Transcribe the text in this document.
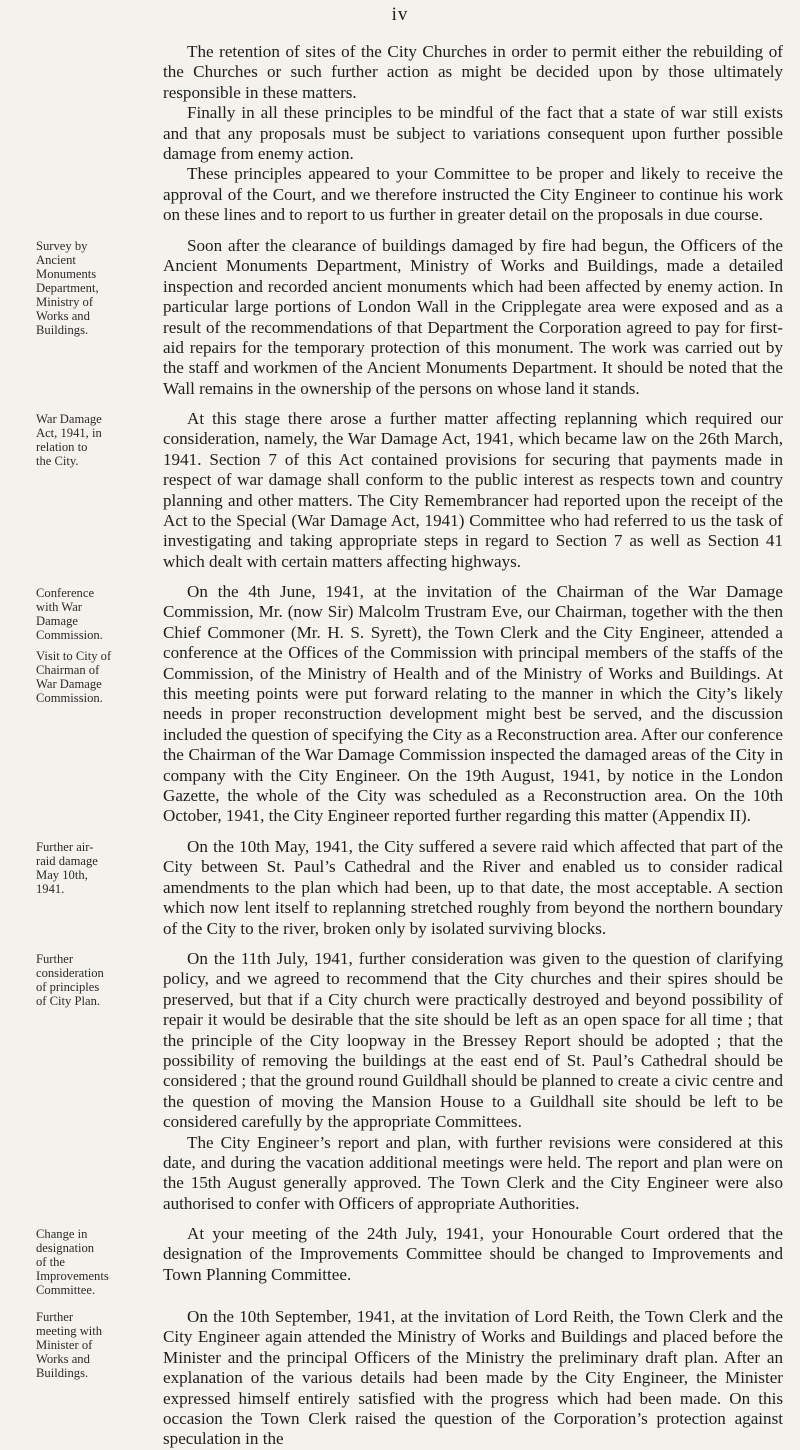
iv

The retention of sites of the City Churches in order to permit either the rebuilding of the Churches or such further action as might be decided upon by those ultimately responsible in these matters.

Finally in all these principles to be mindful of the fact that a state of war still exists and that any proposals must be subject to variations consequent upon further possible damage from enemy action.

These principles appeared to your Committee to be proper and likely to receive the approval of the Court, and we therefore instructed the City Engineer to continue his work on these lines and to report to us further in greater detail on the proposals in due course.

Survey by
Ancient
Monuments
Department,
Ministry of
Works and
Buildings.

Soon after the clearance of buildings damaged by fire had begun, the Officers of the Ancient Monuments Department, Ministry of Works and Buildings, made a detailed inspection and recorded ancient monuments which had been affected by enemy action. In particular large portions of London Wall in the Cripplegate area were exposed and as a result of the recommendations of that Department the Corporation agreed to pay for first-aid repairs for the temporary protection of this monument. The work was carried out by the staff and workmen of the Ancient Monuments Department. It should be noted that the Wall remains in the ownership of the persons on whose land it stands.

War Damage
Act, 1941, in
relation to
the City.

At this stage there arose a further matter affecting replanning which required our consideration, namely, the War Damage Act, 1941, which became law on the 26th March, 1941. Section 7 of this Act contained provisions for securing that payments made in respect of war damage shall conform to the public interest as respects town and country planning and other matters. The City Remembrancer had reported upon the receipt of the Act to the Special (War Damage Act, 1941) Committee who had referred to us the task of investigating and taking appropriate steps in regard to Section 7 as well as Section 41 which dealt with certain matters affecting highways.

Conference
with War
Damage
Commission.
Visit to City of
Chairman of
War Damage
Commission.

On the 4th June, 1941, at the invitation of the Chairman of the War Damage Commission, Mr. (now Sir) Malcolm Trustram Eve, our Chairman, together with the then Chief Commoner (Mr. H. S. Syrett), the Town Clerk and the City Engineer, attended a conference at the Offices of the Commission with principal members of the staffs of the Commission, of the Ministry of Health and of the Ministry of Works and Buildings. At this meeting points were put forward relating to the manner in which the City’s likely needs in proper reconstruction development might best be served, and the discussion included the question of specifying the City as a Reconstruction area. After our conference the Chairman of the War Damage Commission inspected the damaged areas of the City in company with the City Engineer. On the 19th August, 1941, by notice in the London Gazette, the whole of the City was scheduled as a Reconstruction area. On the 10th October, 1941, the City Engineer reported further regarding this matter (Appendix II).

Further air-
raid damage
May 10th,
1941.

On the 10th May, 1941, the City suffered a severe raid which affected that part of the City between St. Paul’s Cathedral and the River and enabled us to consider radical amendments to the plan which had been, up to that date, the most acceptable. A section which now lent itself to replanning stretched roughly from beyond the northern boundary of the City to the river, broken only by isolated surviving blocks.

Further
consideration
of principles
of City Plan.

On the 11th July, 1941, further consideration was given to the question of clarifying policy, and we agreed to recommend that the City churches and their spires should be preserved, but that if a City church were practically destroyed and beyond possibility of repair it would be desirable that the site should be left as an open space for all time ; that the principle of the City loopway in the Bressey Report should be adopted ; that the possibility of removing the buildings at the east end of St. Paul’s Cathedral should be considered ; that the ground round Guildhall should be planned to create a civic centre and the question of moving the Mansion House to a Guildhall site should be left to be considered carefully by the appropriate Committees.

The City Engineer’s report and plan, with further revisions were considered at this date, and during the vacation additional meetings were held. The report and plan were on the 15th August generally approved. The Town Clerk and the City Engineer were also authorised to confer with Officers of appropriate Authorities.

Change in
designation
of the
Improvements
Committee.

At your meeting of the 24th July, 1941, your Honourable Court ordered that the designation of the Improvements Committee should be changed to Improvements and Town Planning Committee.

Further
meeting with
Minister of
Works and
Buildings.

On the 10th September, 1941, at the invitation of Lord Reith, the Town Clerk and the City Engineer again attended the Ministry of Works and Buildings and placed before the Minister and the principal Officers of the Ministry the preliminary draft plan. After an explanation of the various details had been made by the City Engineer, the Minister expressed himself entirely satisfied with the progress which had been made. On this occasion the Town Clerk raised the question of the Corporation’s protection against speculation in the
